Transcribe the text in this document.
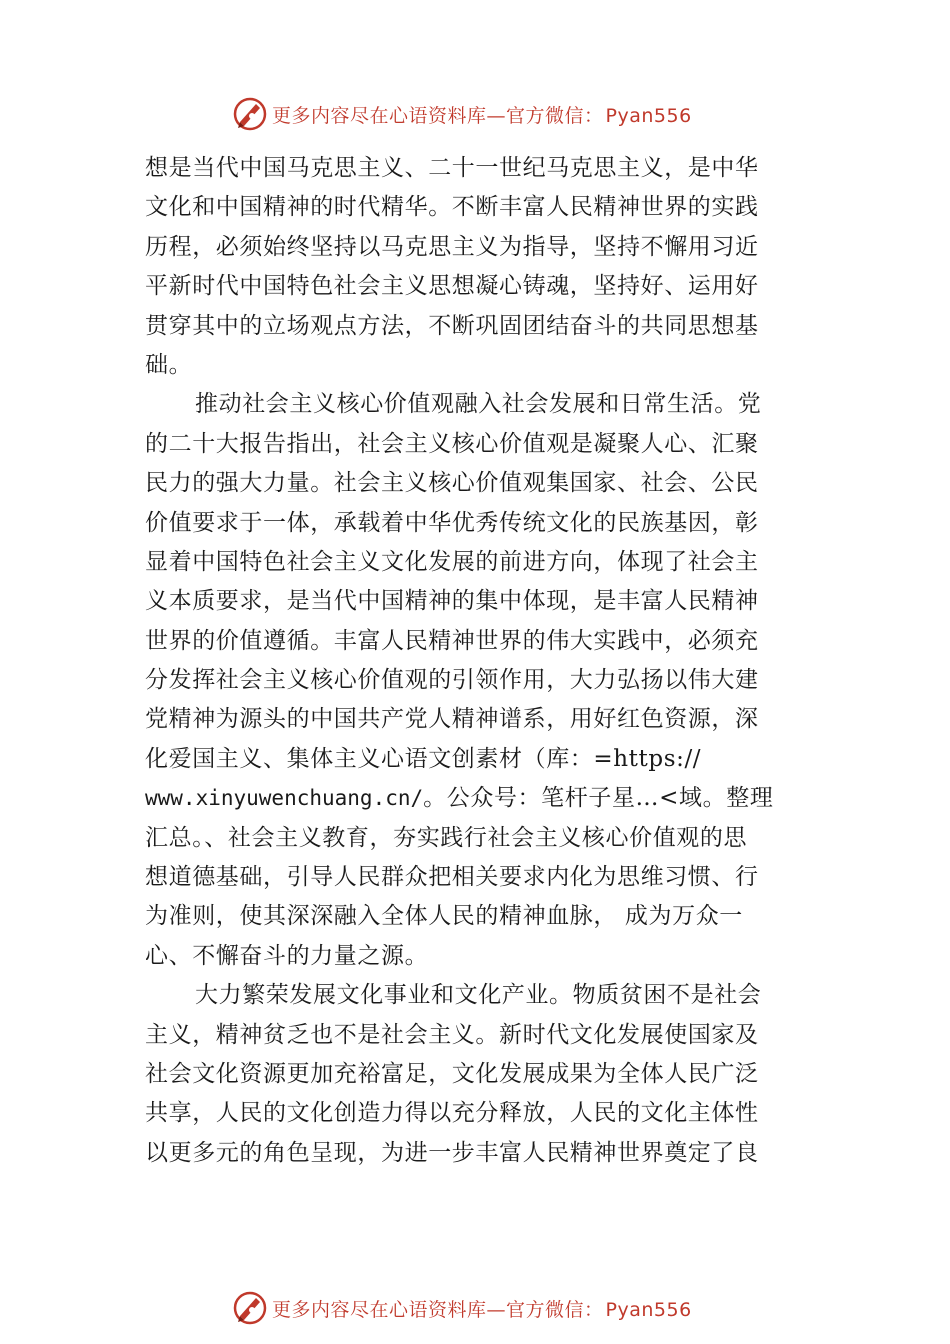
更多内容尽在心语资料库—官方微信： Pyan556
想是当代中国马克思主义、二十一世纪马克思主义，是中华
文化和中国精神的时代精华。不断丰富人民精神世界的实践
历程，必须始终坚持以马克思主义为指导，坚持不懈用习近
平新时代中国特色社会主义思想凝心铸魂，坚持好、运用好
贯穿其中的立场观点方法，不断巩固团结奋斗的共同思想基
础。
推动社会主义核心价值观融入社会发展和日常生活。党
的二十大报告指出，社会主义核心价值观是凝聚人心、汇聚
民力的强大力量。社会主义核心价值观集国家、社会、公民
价值要求于一体，承载着中华优秀传统文化的民族基因，彰
显着中国特色社会主义文化发展的前进方向，体现了社会主
义本质要求，是当代中国精神的集中体现，是丰富人民精神
世界的价值遵循。丰富人民精神世界的伟大实践中，必须充
分发挥社会主义核心价值观的引领作用，大力弘扬以伟大建
党精神为源头的中国共产党人精神谱系，用好红色资源，深
化爱国主义、集体主义心语文创素材（库：=https://
www.xinyuwenchuang.cn/。公众号：笔杆子星…<域。整理
汇总。、社会主义教育，夯实践行社会主义核心价值观的思
想道德基础，引导人民群众把相关要求内化为思维习惯、行
为准则，使其深深融入全体人民的精神血脉， 成为万众一
心、不懈奋斗的力量之源。
大力繁荣发展文化事业和文化产业。物质贫困不是社会
主义，精神贫乏也不是社会主义。新时代文化发展使国家及
社会文化资源更加充裕富足，文化发展成果为全体人民广泛
共享，人民的文化创造力得以充分释放，人民的文化主体性
以更多元的角色呈现，为进一步丰富人民精神世界奠定了良
更多内容尽在心语资料库—官方微信： Pyan556
